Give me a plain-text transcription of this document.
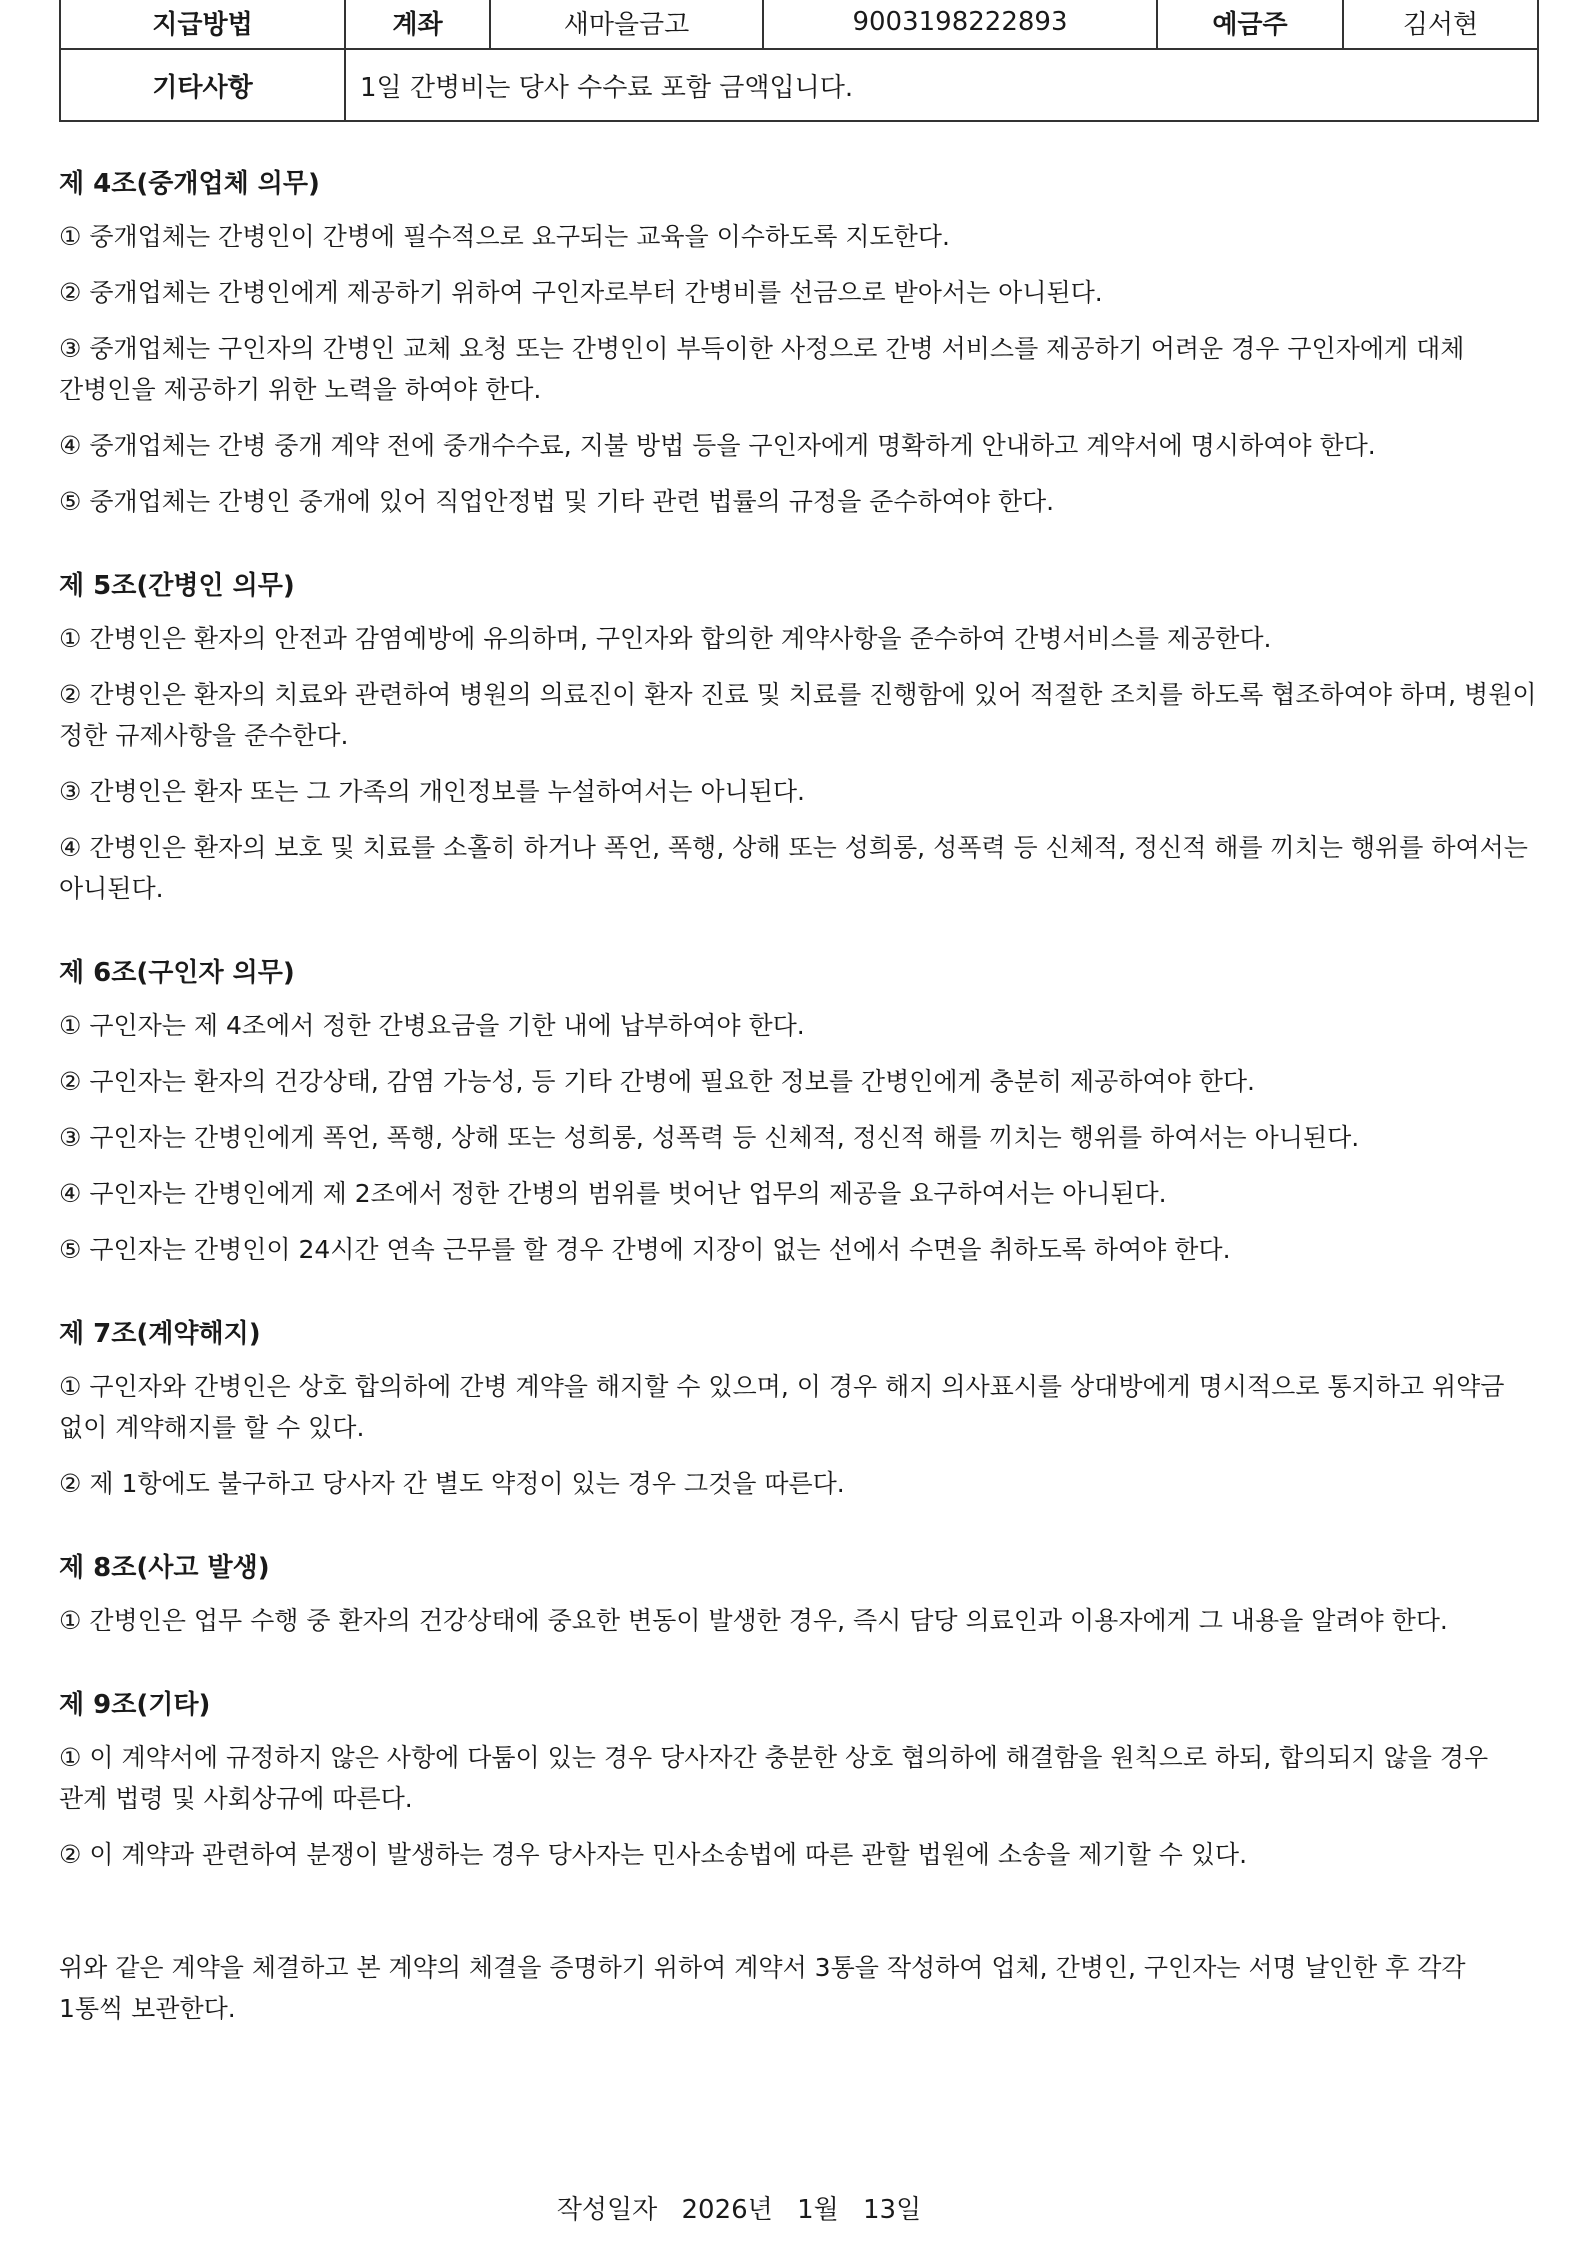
지급방법	계좌	새마을금고	9003198222893	예금주	김서현
기타사항	1일 간병비는 당사 수수료 포함 금액입니다.				
제 4조(중개업체 의무)

① 중개업체는 간병인이 간병에 필수적으로 요구되는 교육을 이수하도록 지도한다.

② 중개업체는 간병인에게 제공하기 위하여 구인자로부터 간병비를 선금으로 받아서는 아니된다.

③ 중개업체는 구인자의 간병인 교체 요청 또는 간병인이 부득이한 사정으로 간병 서비스를 제공하기 어려운 경우 구인자에게 대체 간병인을 제공하기 위한 노력을 하여야 한다.

④ 중개업체는 간병 중개 계약 전에 중개수수료, 지불 방법 등을 구인자에게 명확하게 안내하고 계약서에 명시하여야 한다.

⑤ 중개업체는 간병인 중개에 있어 직업안정법 및 기타 관련 법률의 규정을 준수하여야 한다.

제 5조(간병인 의무)

① 간병인은 환자의 안전과 감염예방에 유의하며, 구인자와 합의한 계약사항을 준수하여 간병서비스를 제공한다.

② 간병인은 환자의 치료와 관련하여 병원의 의료진이 환자 진료 및 치료를 진행함에 있어 적절한 조치를 하도록 협조하여야 하며, 병원이 정한 규제사항을 준수한다.

③ 간병인은 환자 또는 그 가족의 개인정보를 누설하여서는 아니된다.

④ 간병인은 환자의 보호 및 치료를 소홀히 하거나 폭언, 폭행, 상해 또는 성희롱, 성폭력 등 신체적, 정신적 해를 끼치는 행위를 하여서는 아니된다.

제 6조(구인자 의무)

① 구인자는 제 4조에서 정한 간병요금을 기한 내에 납부하여야 한다.

② 구인자는 환자의 건강상태, 감염 가능성, 등 기타 간병에 필요한 정보를 간병인에게 충분히 제공하여야 한다.

③ 구인자는 간병인에게 폭언, 폭행, 상해 또는 성희롱, 성폭력 등 신체적, 정신적 해를 끼치는 행위를 하여서는 아니된다.

④ 구인자는 간병인에게 제 2조에서 정한 간병의 범위를 벗어난 업무의 제공을 요구하여서는 아니된다.

⑤ 구인자는 간병인이 24시간 연속 근무를 할 경우 간병에 지장이 없는 선에서 수면을 취하도록 하여야 한다.

제 7조(계약해지)

① 구인자와 간병인은 상호 합의하에 간병 계약을 해지할 수 있으며, 이 경우 해지 의사표시를 상대방에게 명시적으로 통지하고 위약금 없이 계약해지를 할 수 있다.

② 제 1항에도 불구하고 당사자 간 별도 약정이 있는 경우 그것을 따른다.

제 8조(사고 발생)

① 간병인은 업무 수행 중 환자의 건강상태에 중요한 변동이 발생한 경우, 즉시 담당 의료인과 이용자에게 그 내용을 알려야 한다.

제 9조(기타)

① 이 계약서에 규정하지 않은 사항에 다툼이 있는 경우 당사자간 충분한 상호 협의하에 해결함을 원칙으로 하되, 합의되지 않을 경우 관계 법령 및 사회상규에 따른다.

② 이 계약과 관련하여 분쟁이 발생하는 경우 당사자는 민사소송법에 따른 관할 법원에 소송을 제기할 수 있다.

위와 같은 계약을 체결하고 본 계약의 체결을 증명하기 위하여 계약서 3통을 작성하여 업체, 간병인, 구인자는 서명 날인한 후 각각 1통씩 보관한다.

작성일자 2026년 1월 13일
